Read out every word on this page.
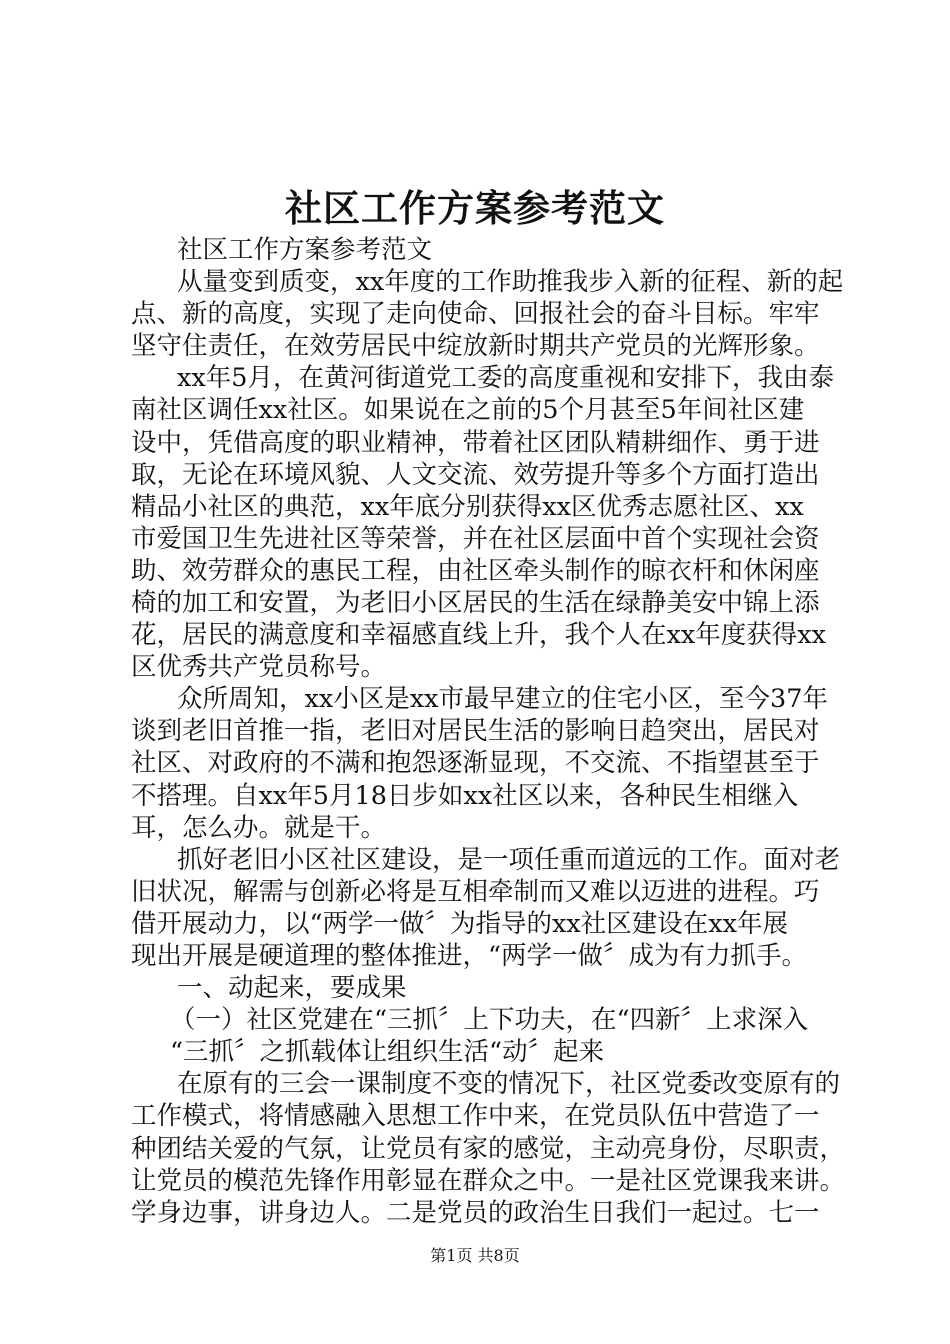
社区工作方案参考范文
社区工作方案参考范文
从量变到质变，xx年度的工作助推我步入新的征程、新的起
点、新的高度，实现了走向使命、回报社会的奋斗目标。牢牢
坚守住责任，在效劳居民中绽放新时期共产党员的光辉形象。
xx年5月，在黄河街道党工委的高度重视和安排下，我由泰
南社区调任xx社区。如果说在之前的5个月甚至5年间社区建
设中，凭借高度的职业精神，带着社区团队精耕细作、勇于进
取，无论在环境风貌、人文交流、效劳提升等多个方面打造出
精品小社区的典范，xx年底分别获得xx区优秀志愿社区、xx
市爱国卫生先进社区等荣誉，并在社区层面中首个实现社会资
助、效劳群众的惠民工程，由社区牵头制作的晾衣杆和休闲座
椅的加工和安置，为老旧小区居民的生活在绿静美安中锦上添
花，居民的满意度和幸福感直线上升，我个人在xx年度获得xx
区优秀共产党员称号。
众所周知，xx小区是xx市最早建立的住宅小区，至今37年
谈到老旧首推一指，老旧对居民生活的影响日趋突出，居民对
社区、对政府的不满和抱怨逐渐显现，不交流、不指望甚至于
不搭理。自xx年5月18日步如xx社区以来，各种民生相继入
耳，怎么办。就是干。
抓好老旧小区社区建设，是一项任重而道远的工作。面对老
旧状况，解需与创新必将是互相牵制而又难以迈进的进程。巧
借开展动力，以“两学一做〞为指导的xx社区建设在xx年展
现出开展是硬道理的整体推进，“两学一做〞成为有力抓手。
一、动起来，要成果
（一）社区党建在“三抓〞上下功夫，在“四新〞上求深入
“三抓〞之抓载体让组织生活“动〞起来
在原有的三会一课制度不变的情况下，社区党委改变原有的
工作模式，将情感融入思想工作中来，在党员队伍中营造了一
种团结关爱的气氛，让党员有家的感觉，主动亮身份，尽职责，
让党员的模范先锋作用彰显在群众之中。一是社区党课我来讲。
学身边事，讲身边人。二是党员的政治生日我们一起过。七一
第1页 共8页
